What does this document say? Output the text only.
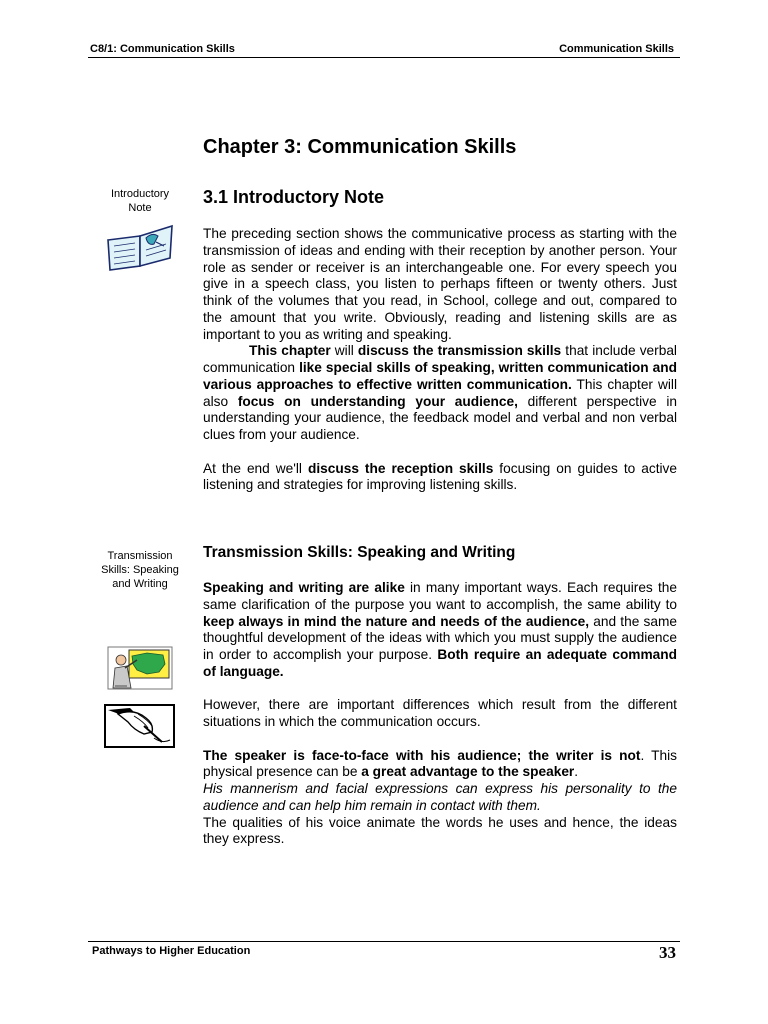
C8/1: Communication Skills	Communication Skills
Chapter 3: Communication Skills
Introductory Note
3.1 Introductory Note

The preceding section shows the communicative process as starting with the transmission of ideas and ending with their reception by another person. Your role as sender or receiver is an interchangeable one. For every speech you give in a speech class, you listen to perhaps fifteen or twenty others. Just think of the volumes that you read, in School, college and out, compared to the amount that you write. Obviously, reading and listening skills are as important to you as writing and speaking.

This chapter will discuss the transmission skills that include verbal communication like special skills of speaking, written communication and various approaches to effective written communication. This chapter will also focus on understanding your audience, different perspective in understanding your audience, the feedback model and verbal and non verbal clues from your audience.

At the end we'll discuss the reception skills focusing on guides to active listening and strategies for improving listening skills.

Transmission Skills: Speaking and Writing
Transmission Skills: Speaking and Writing

Speaking and writing are alike in many important ways. Each requires the same clarification of the purpose you want to accomplish, the same ability to keep always in mind the nature and needs of the audience, and the same thoughtful development of the ideas with which you must supply the audience in order to accomplish your purpose. Both require an adequate command of language.

However, there are important differences which result from the different situations in which the communication occurs.

The speaker is face-to-face with his audience; the writer is not. This physical presence can be a great advantage to the speaker.

His mannerism and facial expressions can express his personality to the audience and can help him remain in contact with them.

The qualities of his voice animate the words he uses and hence, the ideas they express.

Pathways to Higher Education	33
